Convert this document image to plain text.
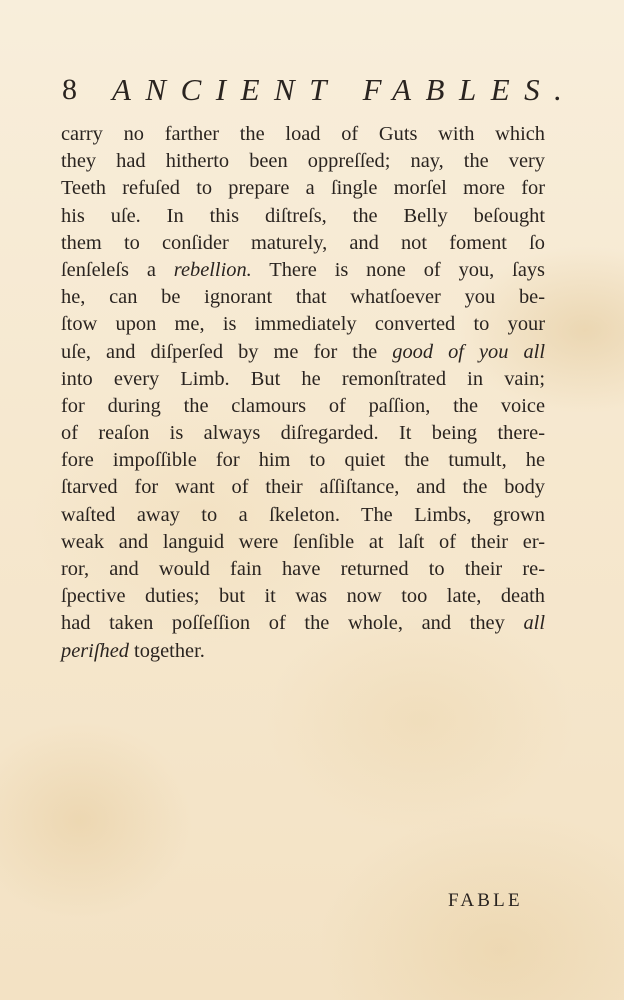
8 ANCIENT FABLES.
carry no farther the load of Guts with which
they had hitherto been oppreſſed; nay, the very
Teeth refuſed to prepare a ſingle morſel more for
his uſe. In this diſtreſs, the Belly beſought
them to conſider maturely, and not foment ſo
ſenſeleſs a rebellion. There is none of you, ſays
he, can be ignorant that whatſoever you be-
ſtow upon me, is immediately converted to your
uſe, and diſperſed by me for the good of you all
into every Limb. But he remonſtrated in vain;
for during the clamours of paſſion, the voice
of reaſon is always diſregarded. It being there-
fore impoſſible for him to quiet the tumult, he
ſtarved for want of their aſſiſtance, and the body
waſted away to a ſkeleton. The Limbs, grown
weak and languid were ſenſible at laſt of their er-
ror, and would fain have returned to their re-
ſpective duties; but it was now too late, death
had taken poſſeſſion of the whole, and they all
periſhed together.
FABLE
